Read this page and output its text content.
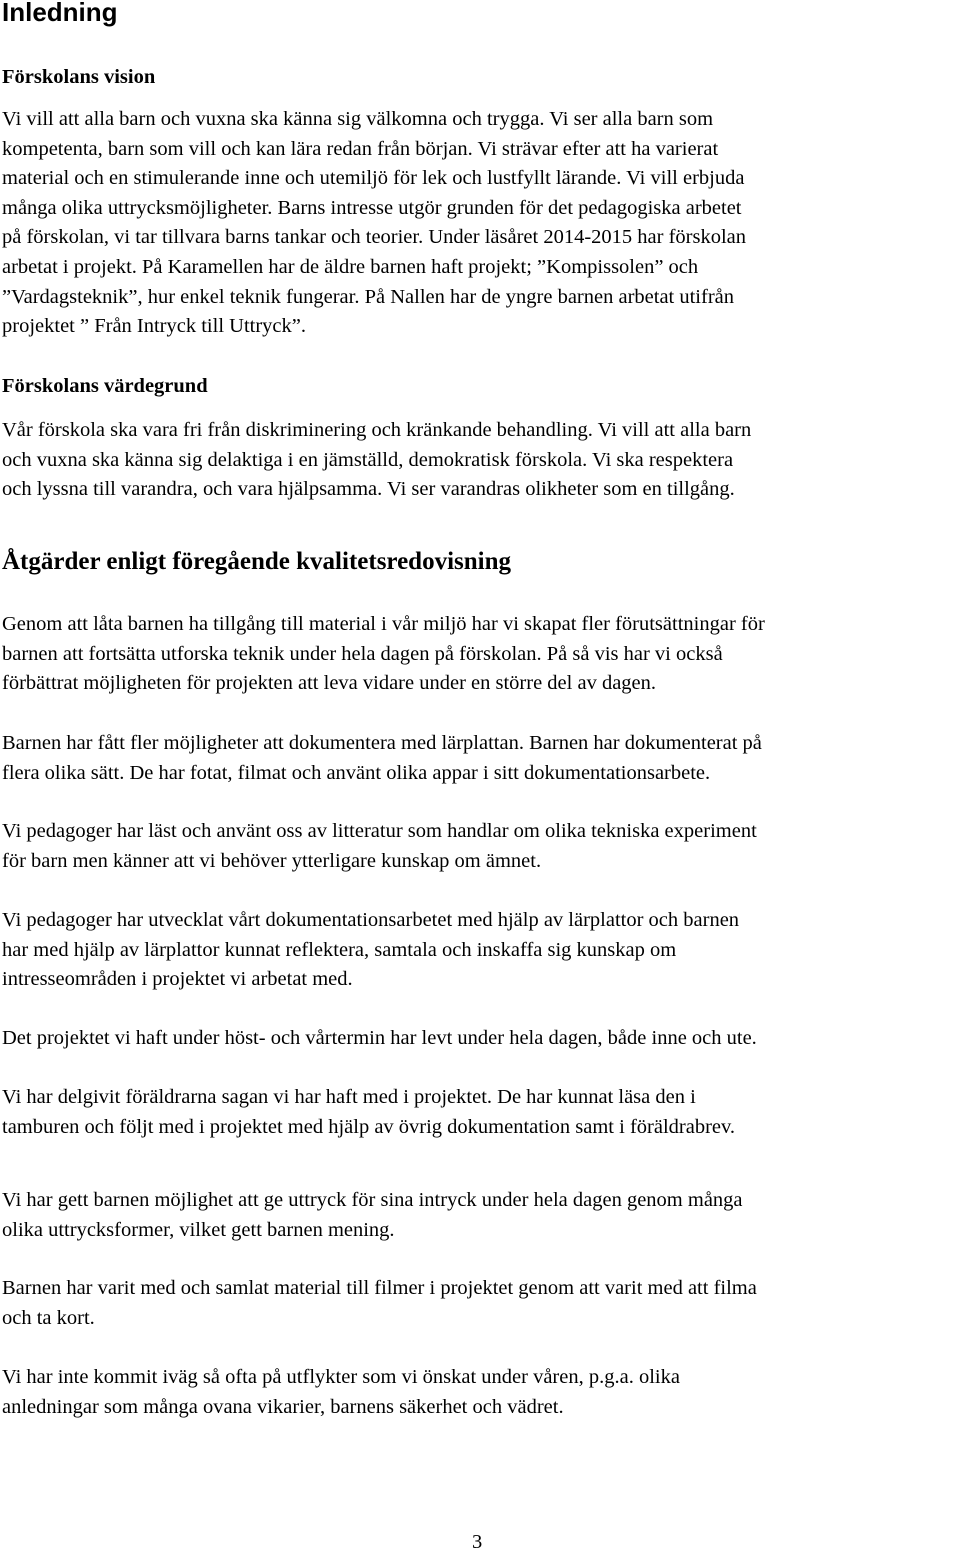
Inledning
Förskolans vision
Vi vill att alla barn och vuxna ska känna sig välkomna och trygga. Vi ser alla barn som
kompetenta, barn som vill och kan lära redan från början. Vi strävar efter att ha varierat
material och en stimulerande inne och utemiljö för lek och lustfyllt lärande. Vi vill erbjuda
många olika uttrycksmöjligheter. Barns intresse utgör grunden för det pedagogiska arbetet
på förskolan, vi tar tillvara barns tankar och teorier. Under läsåret 2014-2015 har förskolan
arbetat i projekt. På Karamellen har de äldre barnen haft projekt; ”Kompissolen” och
”Vardagsteknik”, hur enkel teknik fungerar. På Nallen har de yngre barnen arbetat utifrån
projektet ” Från Intryck till Uttryck”.
Förskolans värdegrund
Vår förskola ska vara fri från diskriminering och kränkande behandling. Vi vill att alla barn
och vuxna ska känna sig delaktiga i en jämställd, demokratisk förskola. Vi ska respektera
och lyssna till varandra, och vara hjälpsamma. Vi ser varandras olikheter som en tillgång.
Åtgärder enligt föregående kvalitetsredovisning
Genom att låta barnen ha tillgång till material i vår miljö har vi skapat fler förutsättningar för
barnen att fortsätta utforska teknik under hela dagen på förskolan. På så vis har vi också
förbättrat möjligheten för projekten att leva vidare under en större del av dagen.
Barnen har fått fler möjligheter att dokumentera med lärplattan. Barnen har dokumenterat på
flera olika sätt. De har fotat, filmat och använt olika appar i sitt dokumentationsarbete.
Vi pedagoger har läst och använt oss av litteratur som handlar om olika tekniska experiment
för barn men känner att vi behöver ytterligare kunskap om ämnet.
Vi pedagoger har utvecklat vårt dokumentationsarbetet med hjälp av lärplattor och barnen
har med hjälp av lärplattor kunnat reflektera, samtala och inskaffa sig kunskap om
intresseområden i projektet vi arbetat med.
Det projektet vi haft under höst- och vårtermin har levt under hela dagen, både inne och ute.
Vi har delgivit föräldrarna sagan vi har haft med i projektet. De har kunnat läsa den i
tamburen och följt med i projektet med hjälp av övrig dokumentation samt i föräldrabrev.
Vi har gett barnen möjlighet att ge uttryck för sina intryck under hela dagen genom många
olika uttrycksformer, vilket gett barnen mening.
Barnen har varit med och samlat material till filmer i projektet genom att varit med att filma
och ta kort.
Vi har inte kommit iväg så ofta på utflykter som vi önskat under våren, p.g.a. olika
anledningar som många ovana vikarier, barnens säkerhet och vädret.
3
